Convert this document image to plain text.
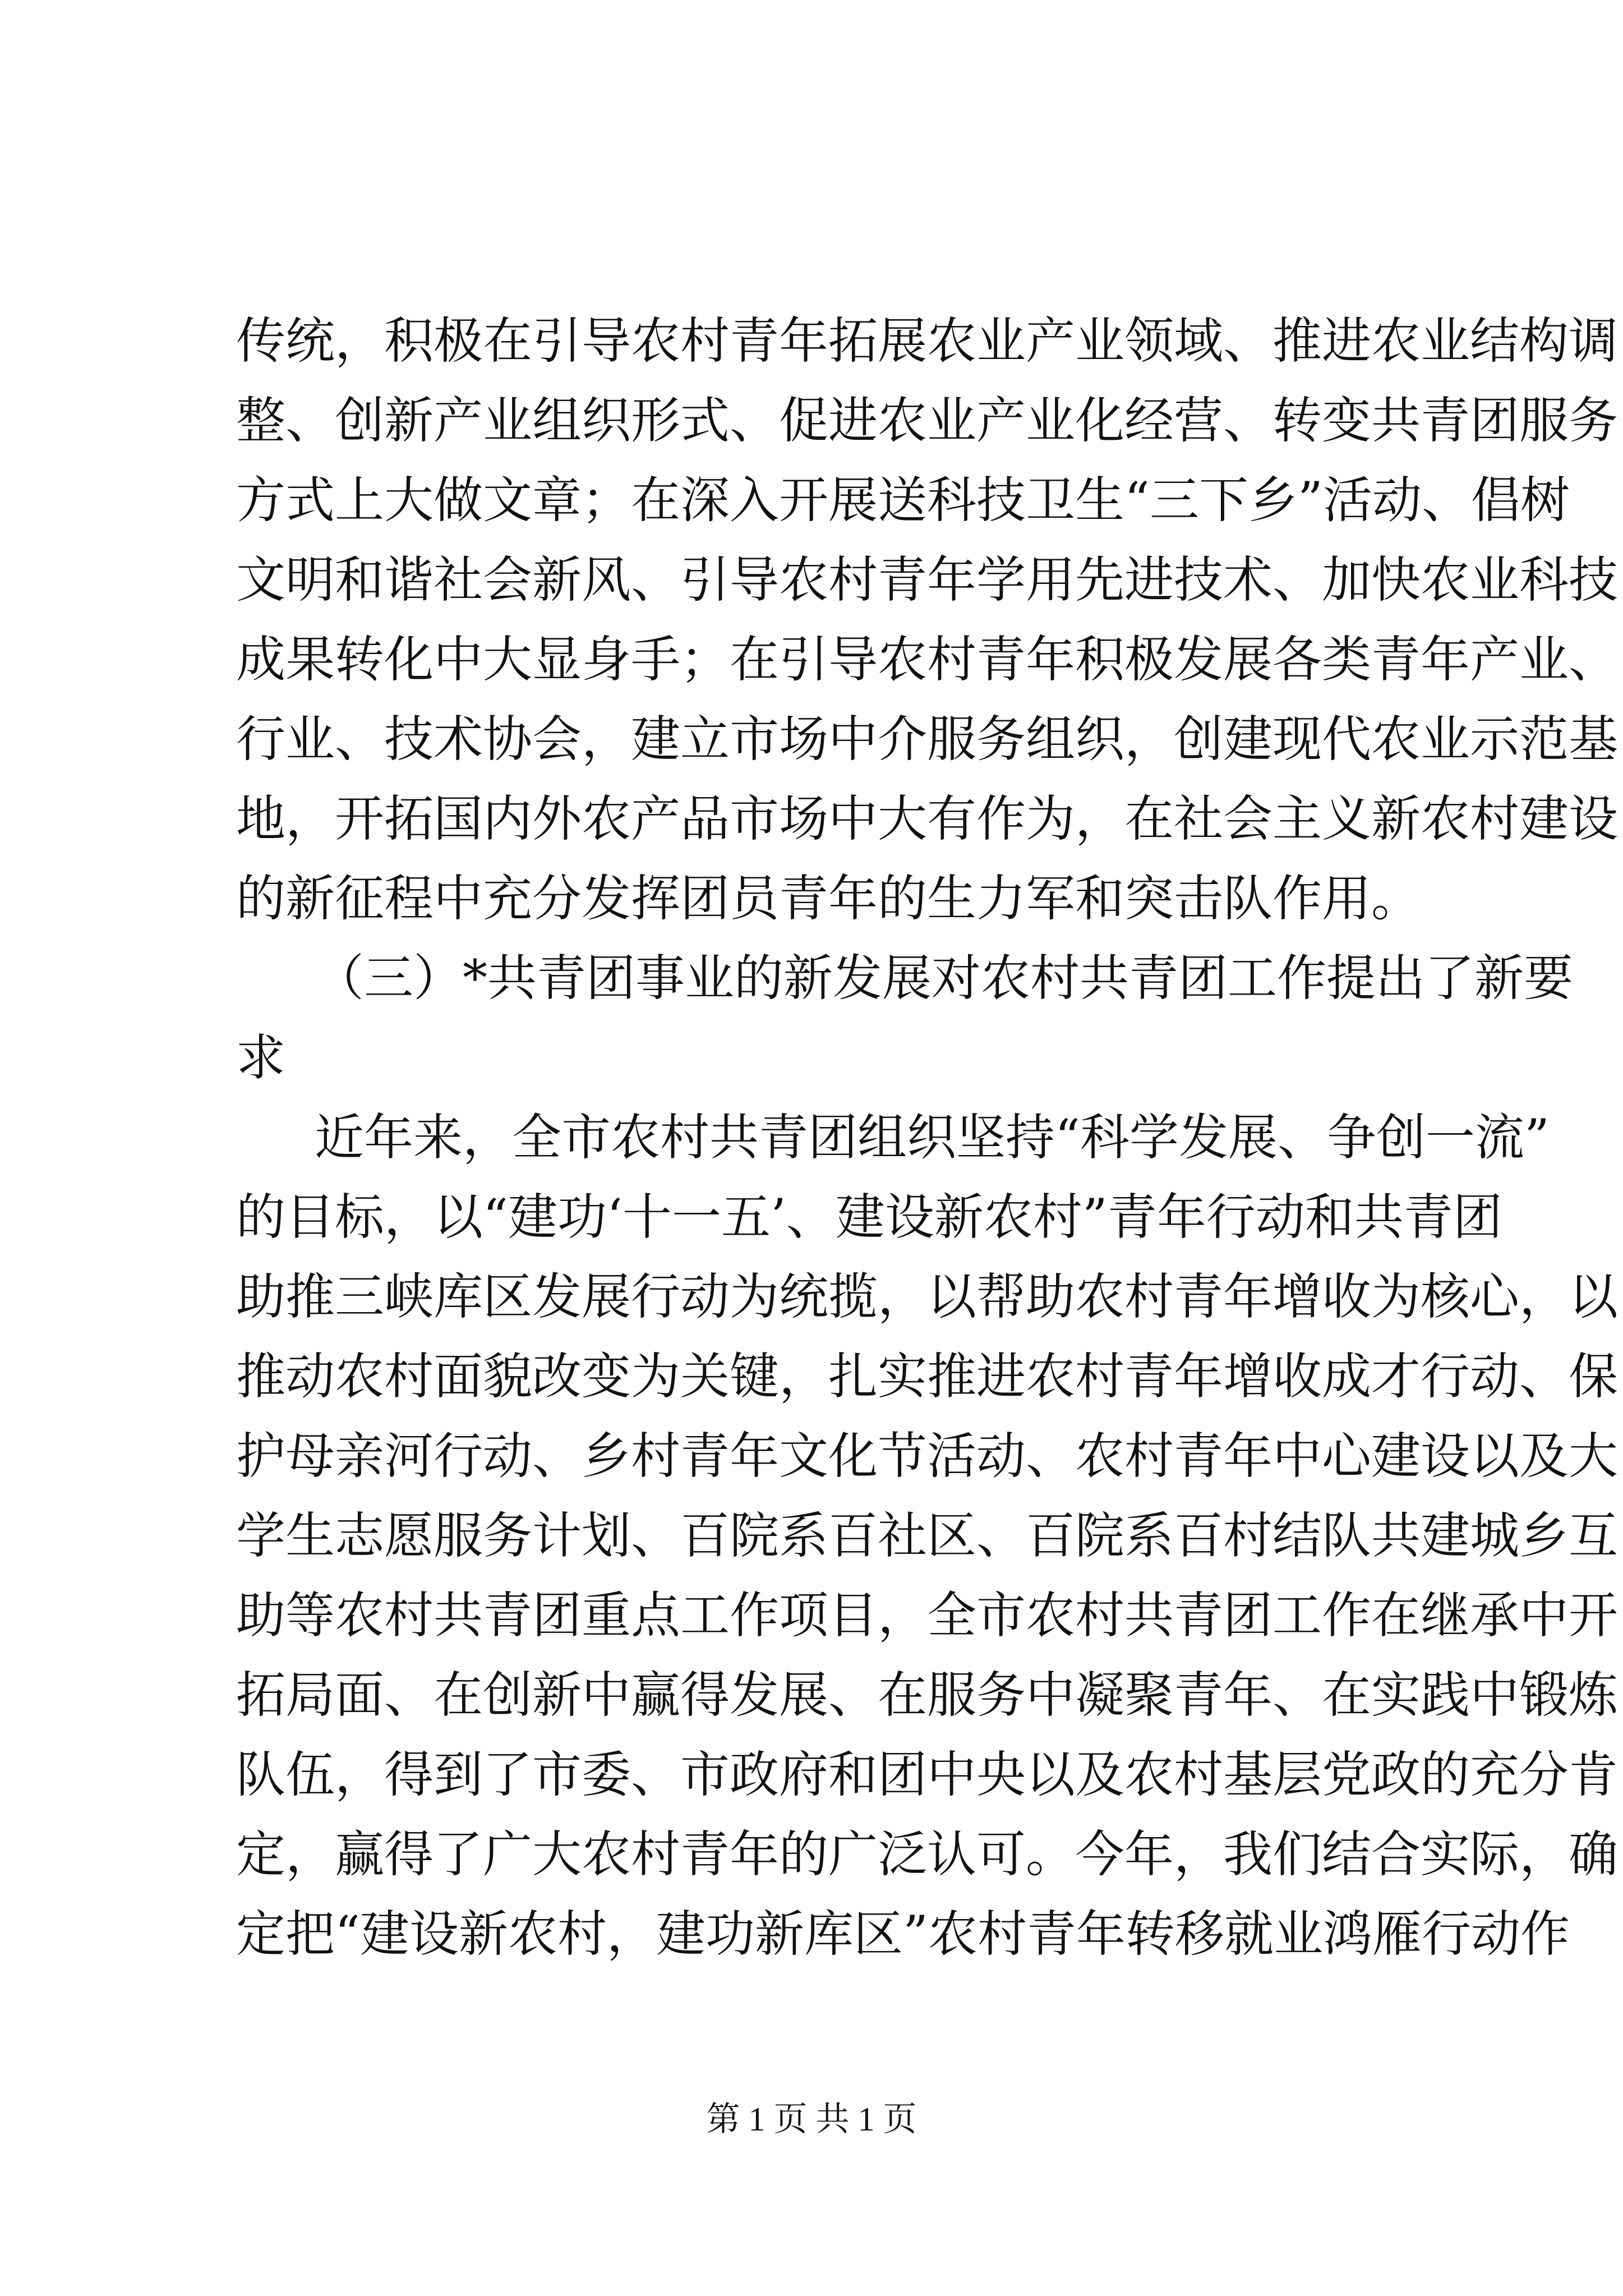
传统，积极在引导农村青年拓展农业产业领域、推进农业结构调

整、创新产业组织形式、促进农业产业化经营、转变共青团服务

方式上大做文章；在深入开展送科技卫生“三下乡”活动、倡树

文明和谐社会新风、引导农村青年学用先进技术、加快农业科技

成果转化中大显身手；在引导农村青年积极发展各类青年产业、

行业、技术协会，建立市场中介服务组织，创建现代农业示范基

地，开拓国内外农产品市场中大有作为，在社会主义新农村建设

的新征程中充分发挥团员青年的生力军和突击队作用。

（三）*共青团事业的新发展对农村共青团工作提出了新要

求

近年来，全市农村共青团组织坚持“科学发展、争创一流”

的目标，以“建功‘十一五’、建设新农村”青年行动和共青团

助推三峡库区发展行动为统揽，以帮助农村青年增收为核心，以

推动农村面貌改变为关键，扎实推进农村青年增收成才行动、保

护母亲河行动、乡村青年文化节活动、农村青年中心建设以及大

学生志愿服务计划、百院系百社区、百院系百村结队共建城乡互

助等农村共青团重点工作项目，全市农村共青团工作在继承中开

拓局面、在创新中赢得发展、在服务中凝聚青年、在实践中锻炼

队伍，得到了市委、市政府和团中央以及农村基层党政的充分肯

定，赢得了广大农村青年的广泛认可。今年，我们结合实际，确

定把“建设新农村，建功新库区”农村青年转移就业鸿雁行动作

第 1 页 共 1 页
